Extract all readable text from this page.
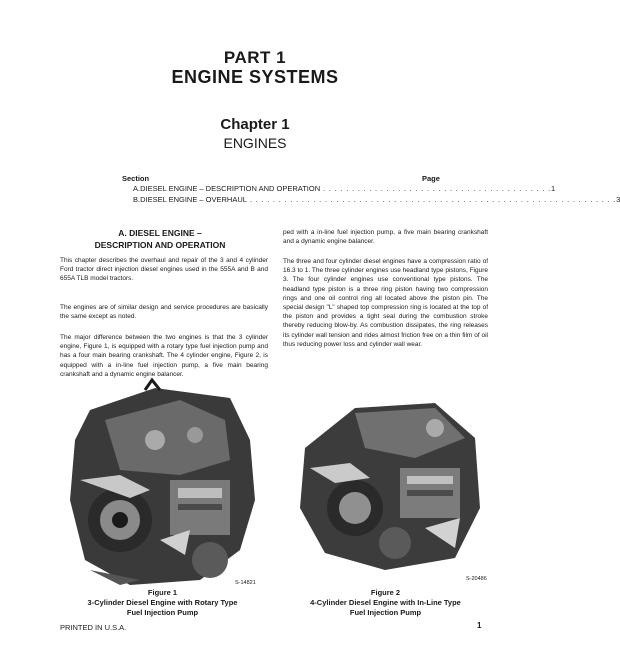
PART 1
ENGINE SYSTEMS
Chapter 1
ENGINES
Section	Page
A. DIESEL ENGINE – DESCRIPTION AND OPERATION . . . . . . . . . . . . . . . . . . . . . . . . . . . . . . . . . . . . . . . . 1
B. DIESEL ENGINE – OVERHAUL . . . . . . . . . . . . . . . . . . . . . . . . . . . . . . . . . . . . . . . . . . . . . . . . . . . . . . . . . . . . . . . . 3
A. DIESEL ENGINE –
DESCRIPTION AND OPERATION
This chapter describes the overhaul and repair of the 3 and 4 cylinder Ford tractor direct injection diesel engines used in the 555A and B and 655A TLB model tractors.
The engines are of similar design and service procedures are basically the same except as noted.
The major difference between the two engines is that the 3 cylinder engine, Figure 1, is equipped with a rotary type fuel injection pump and has a four main bearing crankshaft. The 4 cylinder engine, Figure 2, is equipped with a in-line fuel injection pump, a five main bearing crankshaft and a dynamic engine balancer.
ped with a in-line fuel injection pump, a five main bearing crankshaft and a dynamic engine balancer.
The three and four cylinder diesel engines have a compression ratio of 16.3 to 1. The three cylinder engines use headland type pistons, Figure 3. The four cylinder engines use conventional type pistons. The headland type piston is a three ring piston having two compression rings and one oil control ring all located above the piston pin. The special design "L" shaped top compression ring is located at the top of the piston and provides a tight seal during the combustion stroke thereby reducing blow-by. As combustion dissipates, the ring releases its cylinder wall tension and rides almost friction free on a thin film of oil thus reducing power loss and cylinder wall wear.
S-14821
S-20486
Figure 1
3-Cylinder Diesel Engine with Rotary Type
Fuel Injection Pump
Figure 2
4-Cylinder Diesel Engine with In-Line Type
Fuel Injection Pump
PRINTED IN U.S.A.	1
